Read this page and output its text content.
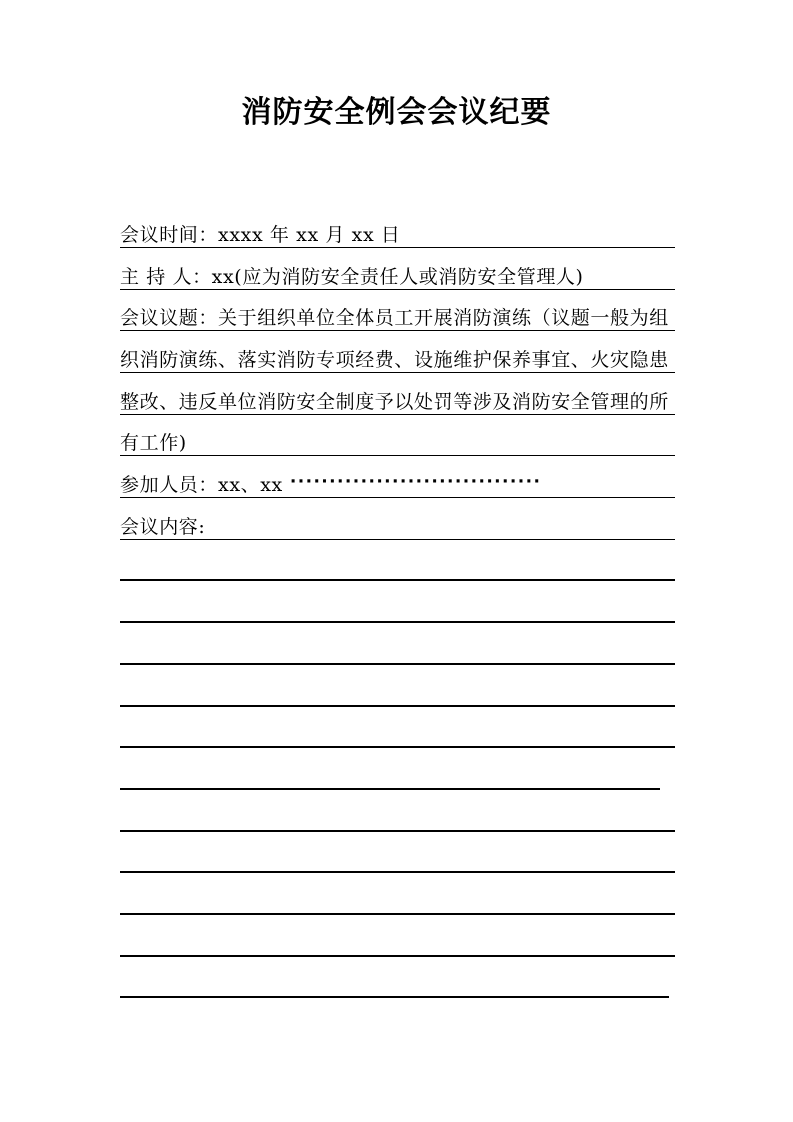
消防安全例会会议纪要
会议时间：xxxx 年 xx 月 xx 日
主 持 人：xx(应为消防安全责任人或消防安全管理人)
会议议题：关于组织单位全体员工开展消防演练（议题一般为组
织消防演练、落实消防专项经费、设施维护保养事宜、火灾隐患
整改、违反单位消防安全制度予以处罚等涉及消防安全管理的所
有工作)
参加人员：xx、xx ································
会议内容:
